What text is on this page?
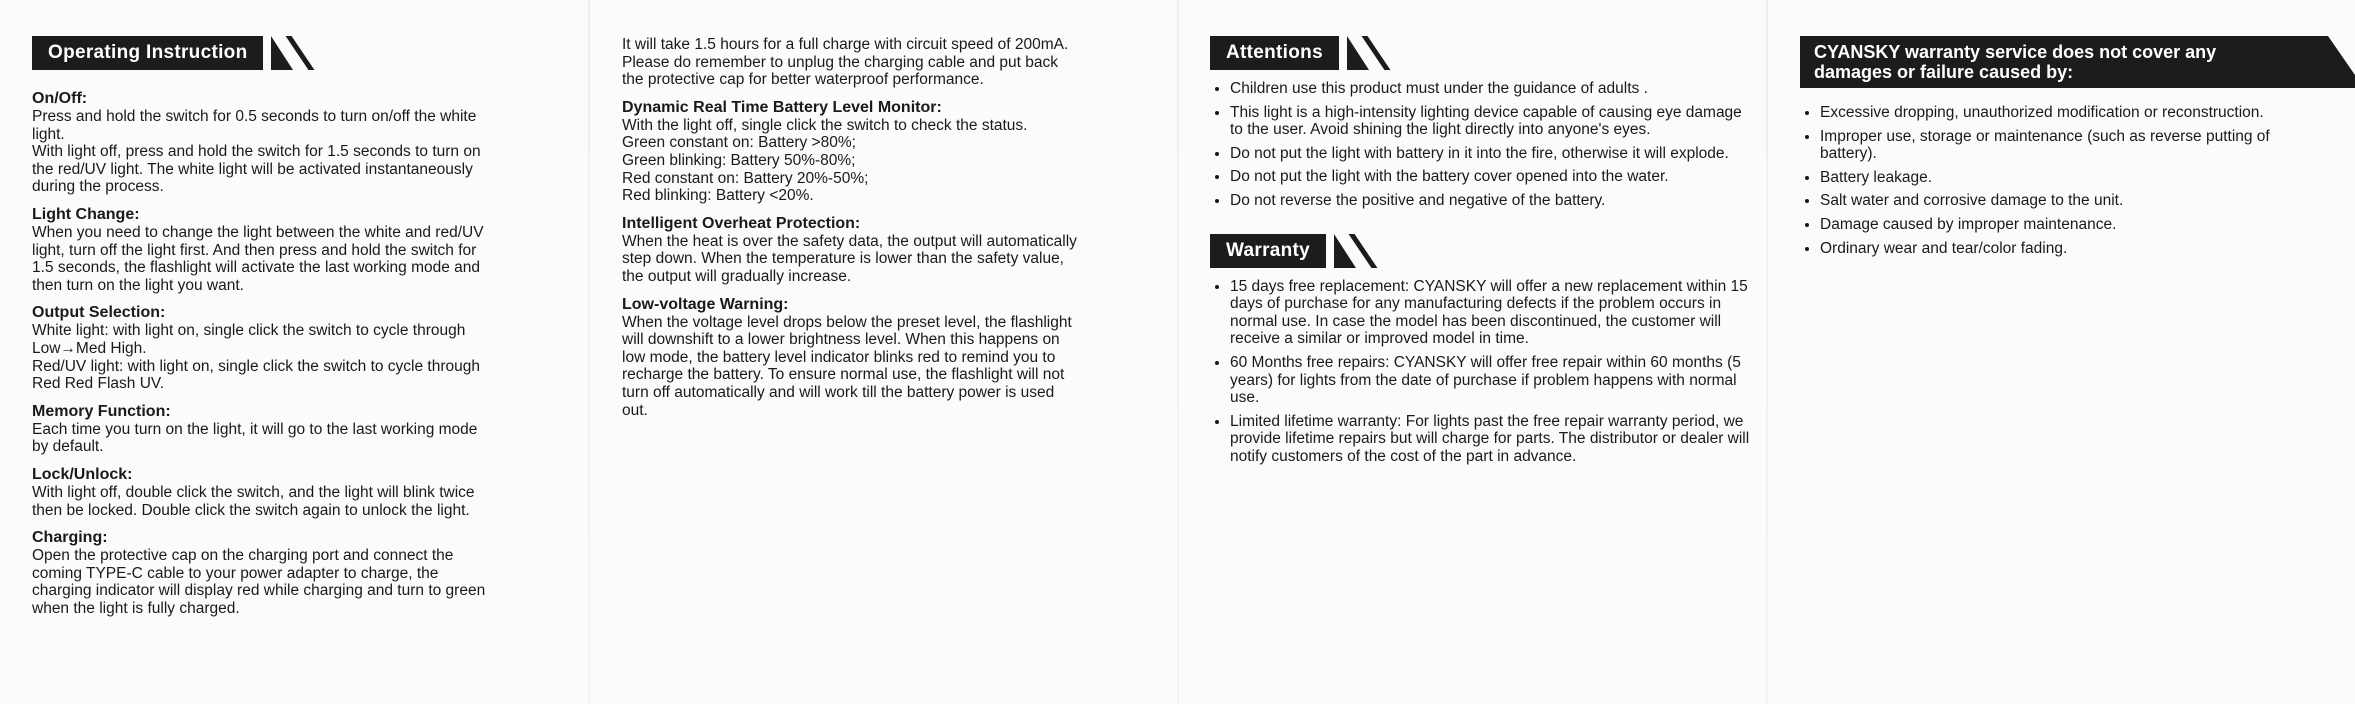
Operating Instruction
On/Off:
Press and hold the switch for 0.5 seconds to turn on/off the white
light.
With light off, press and hold the switch for 1.5 seconds to turn on
the red/UV light. The white light will be activated instantaneously
during the process.
Light Change:
When you need to change the light between the white and red/UV
light, turn off the light first. And then press and hold the switch for
1.5 seconds, the flashlight will activate the last working mode and
then turn on the light you want.
Output Selection:
White light: with light on, single click the switch to cycle through
Low→Med High.
Red/UV light: with light on, single click the switch to cycle through
Red Red Flash UV.
Memory Function:
Each time you turn on the light, it will go to the last working mode
by default.
Lock/Unlock:
With light off, double click the switch, and the light will blink twice
then be locked. Double click the switch again to unlock the light.
Charging:
Open the protective cap on the charging port and connect the
coming TYPE-C cable to your power adapter to charge, the
charging indicator will display red while charging and turn to green
when the light is fully charged.
It will take 1.5 hours for a full charge with circuit speed of 200mA.
Please do remember to unplug the charging cable and put back
the protective cap for better waterproof performance.
Dynamic Real Time Battery Level Monitor:
With the light off, single click the switch to check the status.
Green constant on: Battery >80%;
Green blinking: Battery 50%-80%;
Red constant on: Battery 20%-50%;
Red blinking: Battery <20%.
Intelligent Overheat Protection:
When the heat is over the safety data, the output will automatically
step down. When the temperature is lower than the safety value,
the output will gradually increase.
Low-voltage Warning:
When the voltage level drops below the preset level, the flashlight
will downshift to a lower brightness level. When this happens on
low mode, the battery level indicator blinks red to remind you to
recharge the battery. To ensure normal use, the flashlight will not
turn off automatically and will work till the battery power is used
out.
Attentions
• Children use this product must under the guidance of adults .
• This light is a high-intensity lighting device capable of causing eye damage to the user. Avoid shining the light directly into anyone's eyes.
• Do not put the light with battery in it into the fire, otherwise it will explode.
• Do not put the light with the battery cover opened into the water.
• Do not reverse the positive and negative of the battery.
Warranty
• 15 days free replacement: CYANSKY will offer a new replacement within 15 days of purchase for any manufacturing defects if the problem occurs in normal use. In case the model has been discontinued, the customer will receive a similar or improved model in time.
• 60 Months free repairs: CYANSKY will offer free repair within 60 months (5 years) for lights from the date of purchase if problem happens with normal use.
• Limited lifetime warranty: For lights past the free repair warranty period, we provide lifetime repairs but will charge for parts. The distributor or dealer will notify customers of the cost of the part in advance.
CYANSKY warranty service does not cover any
damages or failure caused by:
• Excessive dropping, unauthorized modification or reconstruction.
• Improper use, storage or maintenance (such as reverse putting of battery).
• Battery leakage.
• Salt water and corrosive damage to the unit.
• Damage caused by improper maintenance.
• Ordinary wear and tear/color fading.
